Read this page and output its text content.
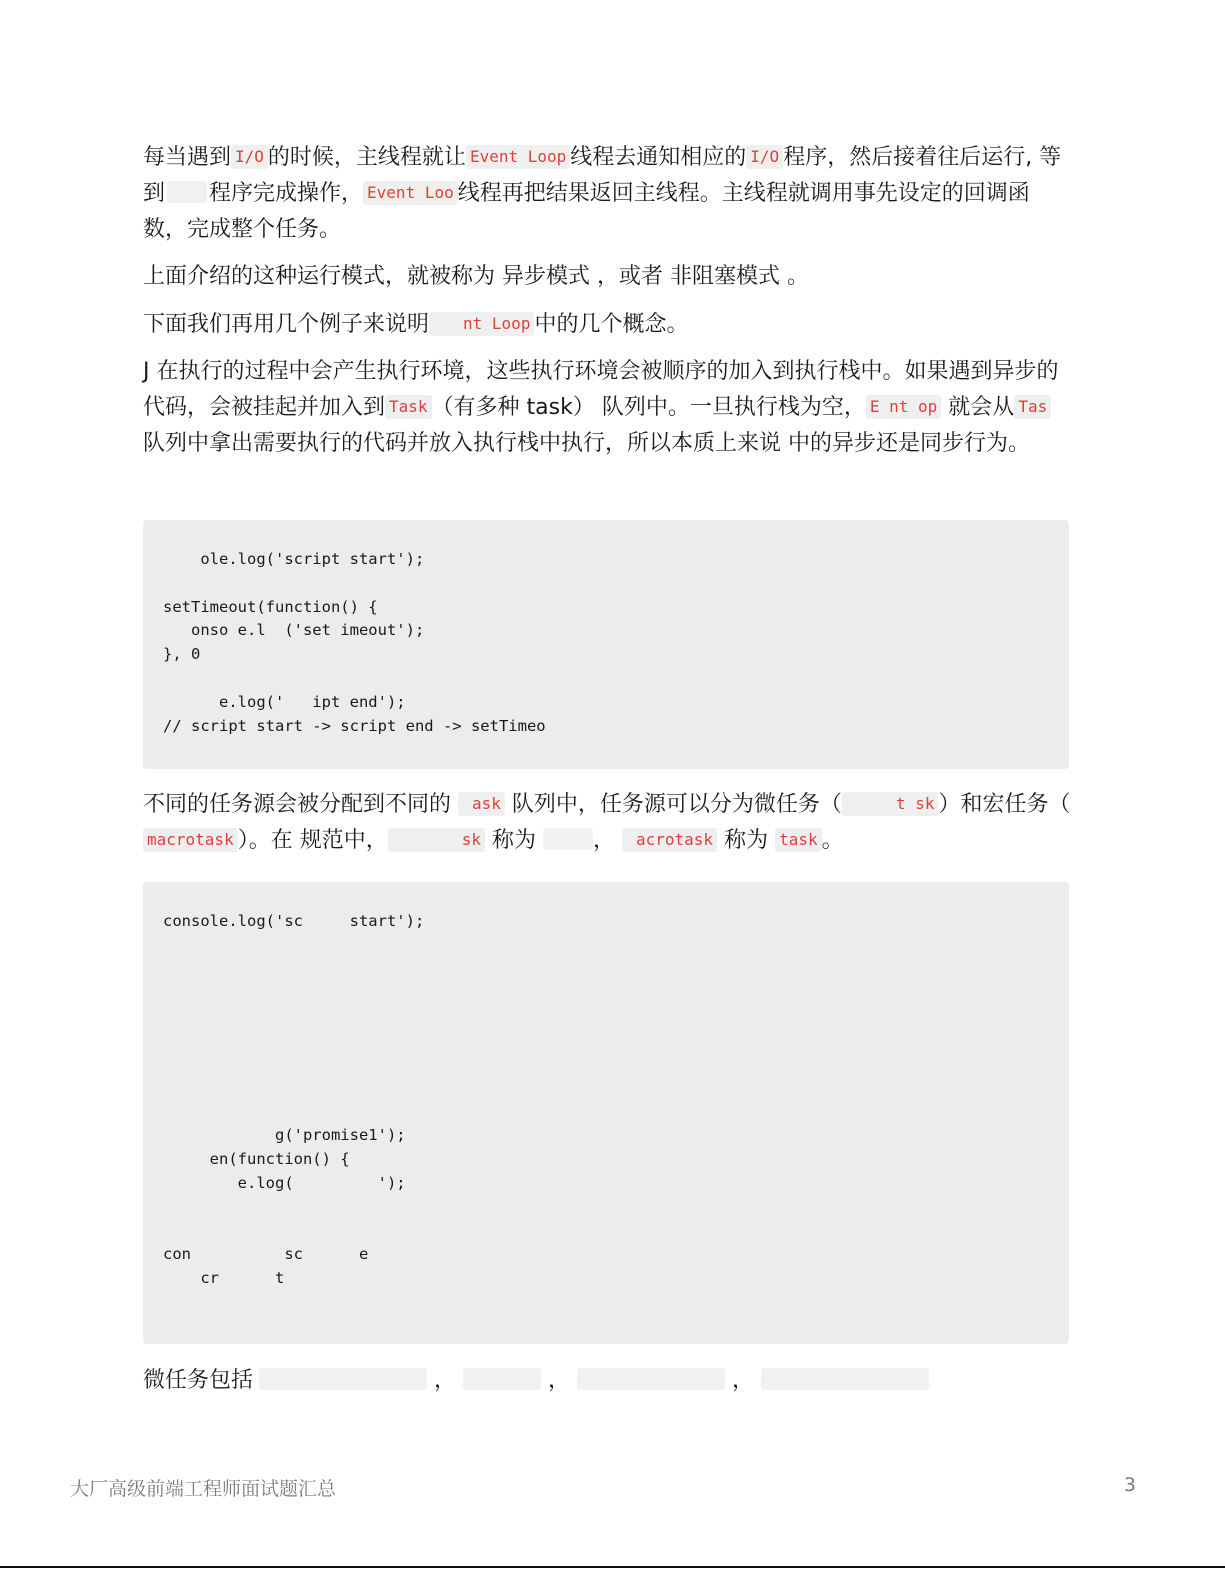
每当遇到 I/O 的时候，主线程就让 Event Loop 线程去通知相应的 I/O 程序，然后接着往后运行, 等到 程序完成操作， Event Loo 线程再把结果返回主线程。主线程就调用事先设定的回调函数，完成整个任务。

上面介绍的这种运行模式，就被称为 异步模式 ，或者 非阻塞模式 。

下面我们再用几个例子来说明 nt Loop 中的几个概念。

J 在执行的过程中会产生执行环境，这些执行环境会被顺序的加入到执行栈中。如果遇到异步的代码，会被挂起并加入到 Task （有多种 task） 队列中。一旦执行栈为空， E nt op 就会从 Tas 队列中拿出需要执行的代码并放入执行栈中执行，所以本质上来说 中的异步还是同步行为。

ole.log('script start');

setTimeout(function() {
onso e.l  ('set imeout');
}, 0

e.log('   ipt end');
// script start -> script end -> setTimeo

不同的任务源会被分配到不同的 ask 队列中，任务源可以分为微任务（	t sk ）和宏任务（macrotask ）。在 规范中，	sk 称为	， acrotask 称为 task 。

console.log('sc     start');

g('promise1');
en(function() {
e.log(         ');

con          sc      e
cr      t

微任务包括	，	，	，

大厂高级前端工程师面试题汇总	3
